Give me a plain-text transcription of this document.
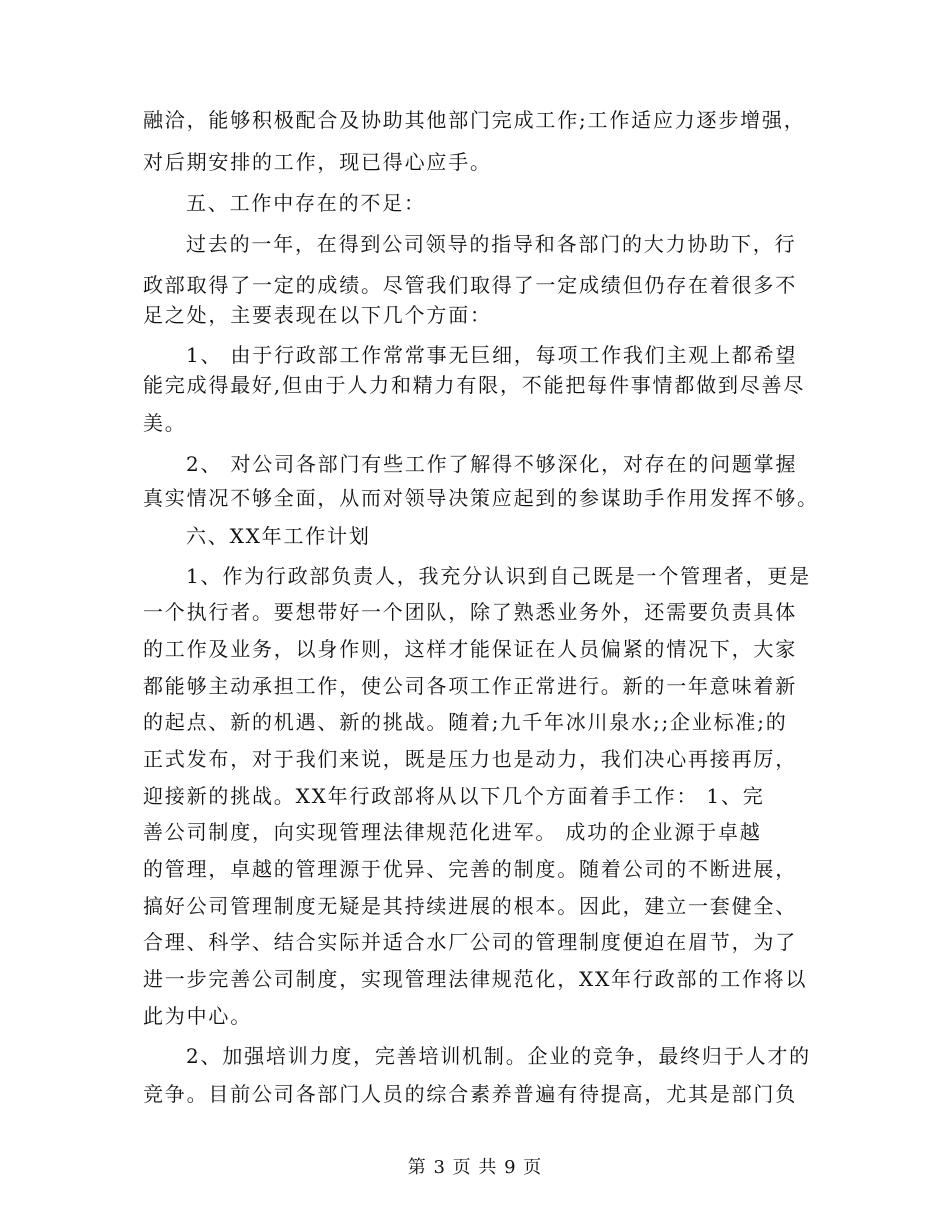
融洽，能够积极配合及协助其他部门完成工作;工作适应力逐步增强，
对后期安排的工作，现已得心应手。
五、工作中存在的不足：
过去的一年，在得到公司领导的指导和各部门的大力协助下，行
政部取得了一定的成绩。尽管我们取得了一定成绩但仍存在着很多不
足之处，主要表现在以下几个方面：
1、 由于行政部工作常常事无巨细，每项工作我们主观上都希望
能完成得最好,但由于人力和精力有限，不能把每件事情都做到尽善尽
美。
2、 对公司各部门有些工作了解得不够深化，对存在的问题掌握
真实情况不够全面，从而对领导决策应起到的参谋助手作用发挥不够。
六、XX年工作计划
1、作为行政部负责人，我充分认识到自己既是一个管理者，更是
一个执行者。要想带好一个团队，除了熟悉业务外，还需要负责具体
的工作及业务，以身作则，这样才能保证在人员偏紧的情况下，大家
都能够主动承担工作，使公司各项工作正常进行。新的一年意味着新
的起点、新的机遇、新的挑战。随着;九千年冰川泉水;;企业标准;的
正式发布，对于我们来说，既是压力也是动力，我们决心再接再厉，
迎接新的挑战。XX年行政部将从以下几个方面着手工作： 1、完
善公司制度，向实现管理法律规范化进军。 成功的企业源于卓越
的管理，卓越的管理源于优异、完善的制度。随着公司的不断进展，
搞好公司管理制度无疑是其持续进展的根本。因此，建立一套健全、
合理、科学、结合实际并适合水厂公司的管理制度便迫在眉节，为了
进一步完善公司制度，实现管理法律规范化，XX年行政部的工作将以
此为中心。
2、加强培训力度，完善培训机制。企业的竞争，最终归于人才的
竞争。目前公司各部门人员的综合素养普遍有待提高，尤其是部门负
第 3 页 共 9 页
